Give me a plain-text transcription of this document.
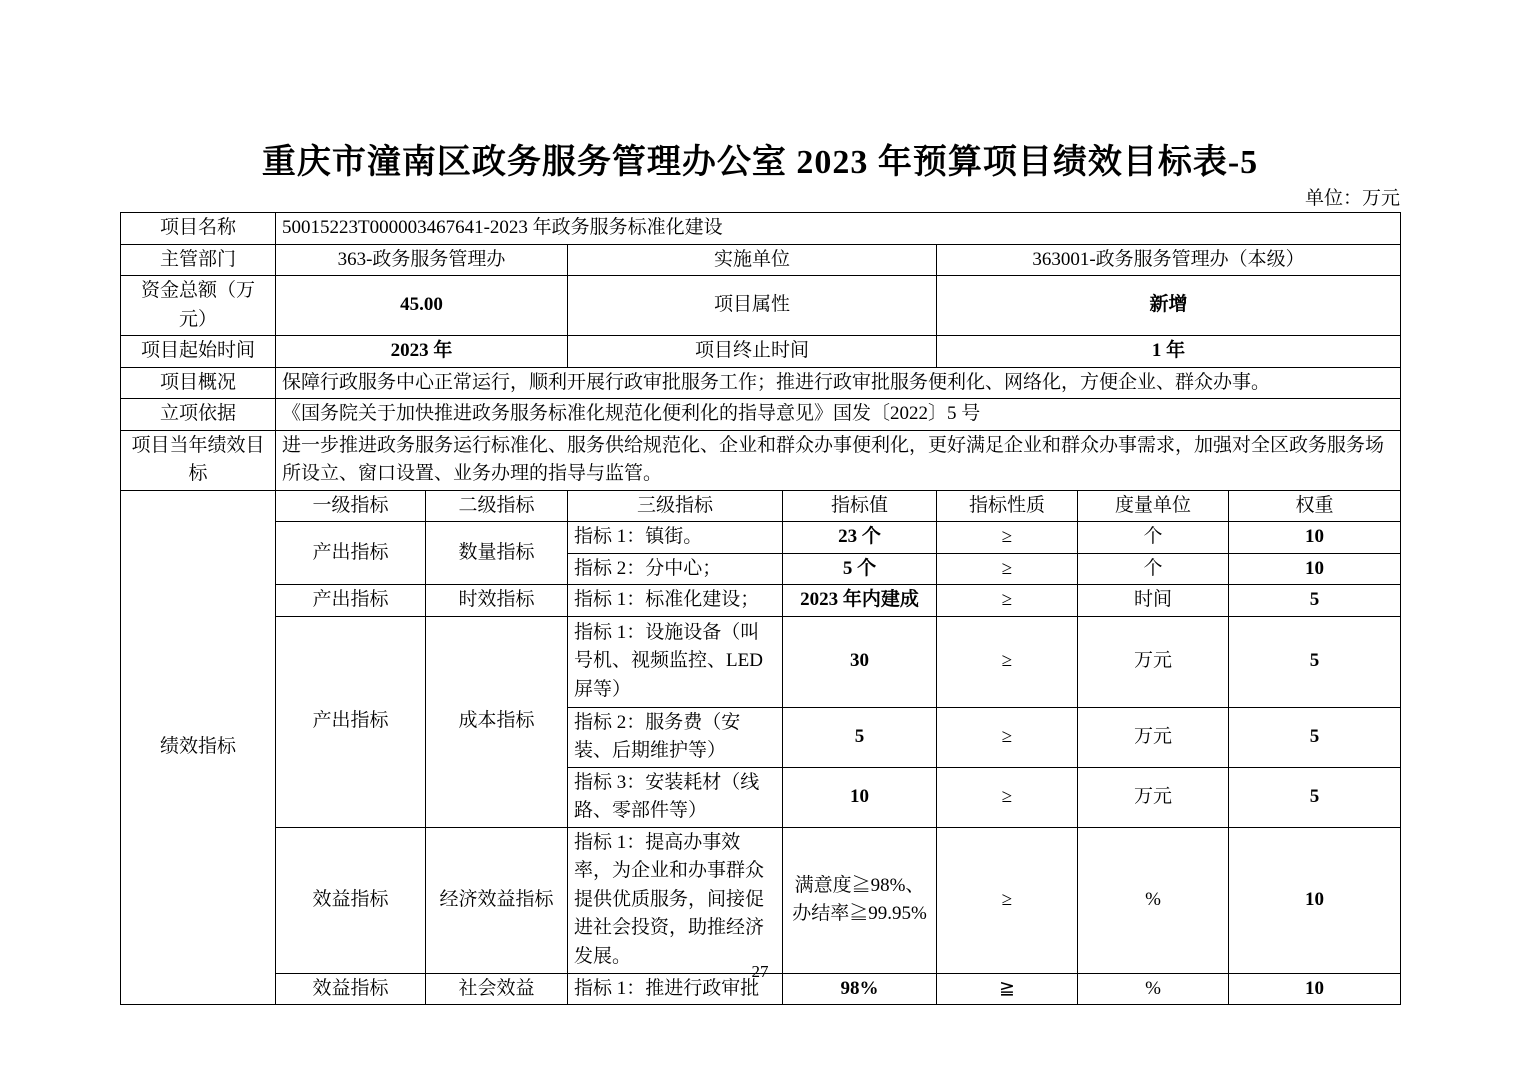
重庆市潼南区政务服务管理办公室 2023 年预算项目绩效目标表-5
单位：万元
项目名称	50015223T000003467641-2023 年政务服务标准化建设						
主管部门	363-政务服务管理办		实施单位		363001-政务服务管理办（本级）		
资金总额（万元）	45.00		项目属性		新增		
项目起始时间	2023 年		项目终止时间		1 年		
项目概况	保障行政服务中心正常运行，顺利开展行政审批服务工作；推进行政审批服务便利化、网络化，方便企业、群众办事。						
立项依据	《国务院关于加快推进政务服务标准化规范化便利化的指导意见》国发〔2022〕5 号						
项目当年绩效目标	进一步推进政务服务运行标准化、服务供给规范化、企业和群众办事便利化，更好满足企业和群众办事需求，加强对全区政务服务场所设立、窗口设置、业务办理的指导与监管。						
绩效指标	一级指标	二级指标	三级指标	指标值	指标性质	度量单位	权重
	产出指标	数量指标	指标 1：镇街。	23 个	≥	个	10
			指标 2：分中心；	5 个	≥	个	10
	产出指标	时效指标	指标 1：标准化建设；	2023 年内建成	≥	时间	5
	产出指标	成本指标	指标 1：设施设备（叫号机、视频监控、LED 屏等）	30	≥	万元	5
			指标 2：服务费（安装、后期维护等）	5	≥	万元	5
			指标 3：安装耗材（线路、零部件等）	10	≥	万元	5
	效益指标	经济效益指标	指标 1：提高办事效率，为企业和办事群众提供优质服务，间接促进社会投资，助推经济发展。	满意度≧98%、办结率≧99.95%	≥	%	10
	效益指标	社会效益	指标 1：推进行政审批	98%	≧	%	10
27
